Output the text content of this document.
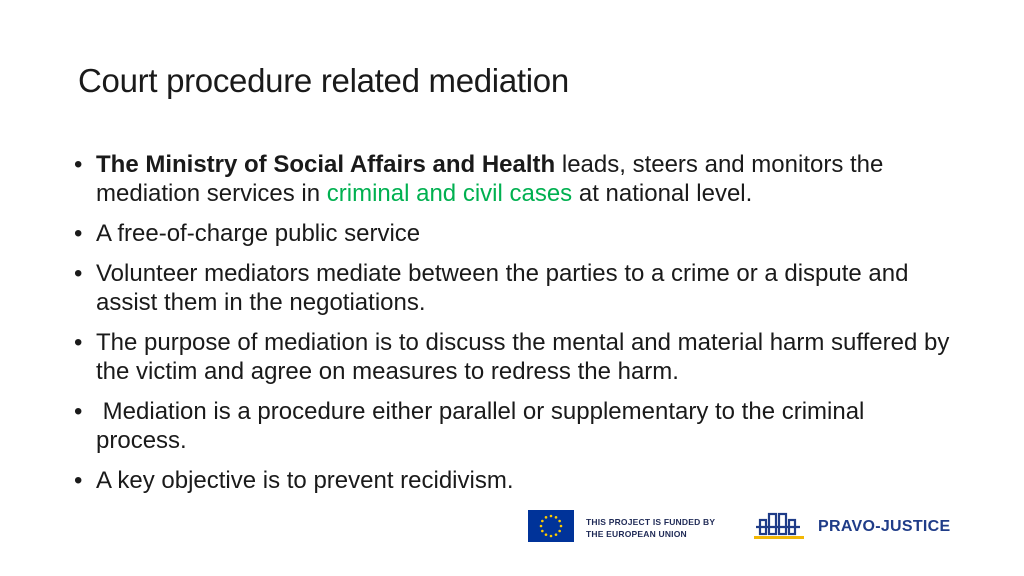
Court procedure related mediation
• The Ministry of Social Affairs and Health leads, steers and monitors the mediation services in criminal and civil cases at national level.
• A free-of-charge public service
• Volunteer mediators mediate between the parties to a crime or a dispute and assist them in the negotiations.
• The purpose of mediation is to discuss the mental and material harm suffered by the victim and agree on measures to redress the harm.
• Mediation is a procedure either parallel or supplementary to the criminal process.
• A key objective is to prevent recidivism.
THIS PROJECT IS FUNDED BY
THE EUROPEAN UNION	PRAVO-JUSTICE
